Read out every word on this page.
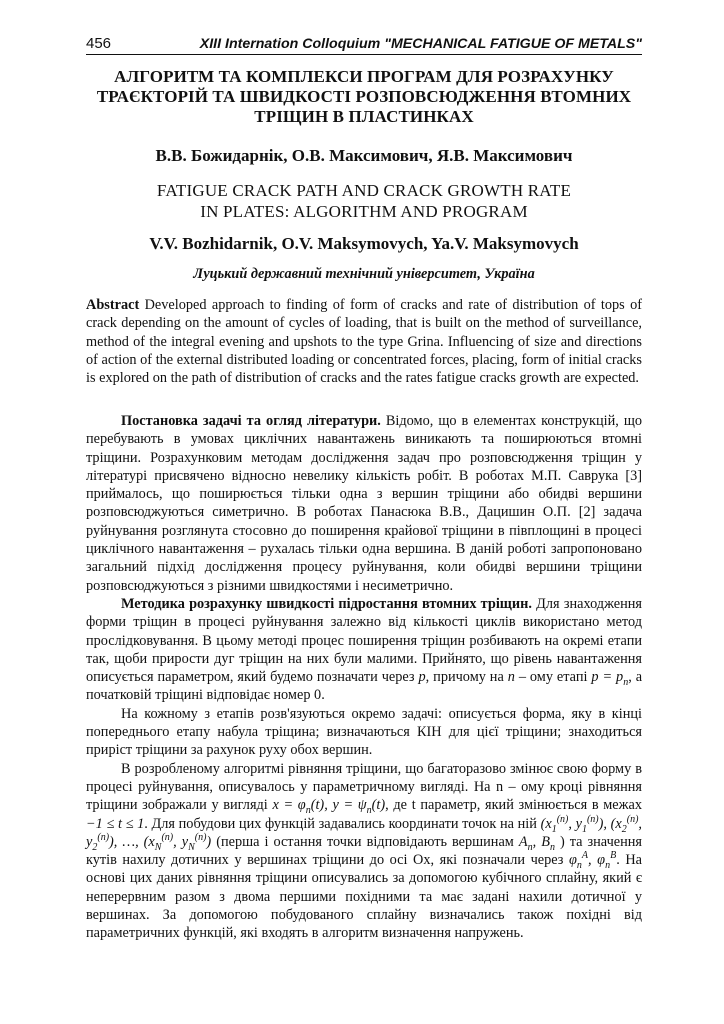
456	XIII Internation Colloquium "MECHANICAL FATIGUE OF METALS"
АЛГОРИТМ ТА КОМПЛЕКСИ ПРОГРАМ ДЛЯ РОЗРАХУНКУ
ТРАЄКТОРІЙ ТА ШВИДКОСТІ РОЗПОВСЮДЖЕННЯ ВТОМНИХ
ТРІЩИН В ПЛАСТИНКАХ
В.В. Божидарнік, О.В. Максимович, Я.В. Максимович
FATIGUE CRACK PATH AND CRACK GROWTH RATE
IN PLATES: ALGORITHM AND PROGRAM
V.V. Bozhidarnik, O.V. Maksymovych, Ya.V. Maksymovych
Луцький державний технічний університет, Україна
Abstract Developed approach to finding of form of cracks and rate of distribution of tops of crack depending on the amount of cycles of loading, that is built on the method of surveillance, method of the integral evening and upshots to the type Grina. Influencing of size and directions of action of the external distributed loading or concentrated forces, placing, form of initial cracks is explored on the path of distribution of cracks and the rates fatigue cracks growth are expected.

Постановка задачі та огляд літератури. Відомо, що в елементах конструкцій, що перебувають в умовах циклічних навантажень виникають та поширюються втомні тріщини. Розрахунковим методам дослідження задач про розповсюдження тріщин у літературі присвячено відносно невелику кількість робіт. В роботах М.П. Саврука [3] приймалось, що поширюється тільки одна з вершин тріщини або обидві вершини розповсюджуються симетрично. В роботах Панасюка В.В., Дацишин О.П. [2] задача руйнування розглянута стосовно до поширення крайової тріщини в півплощині в процесі циклічного навантаження – рухалась тільки одна вершина. В даній роботі запропоновано загальний підхід дослідження процесу руйнування, коли обидві вершини тріщини розповсюджуються з різними швидкостями і несиметрично.

Методика розрахунку швидкості підростання втомних тріщин. Для знаходження форми тріщин в процесі руйнування залежно від кількості циклів використано метод прослідковування. В цьому методі процес поширення тріщин розбивають на окремі етапи так, щоби прирости дуг тріщин на них були малими. Прийнято, що рівень навантаження описується параметром, який будемо позначати через p, причому на n – ому етапі $p = p_n$, а початковій тріщині відповідає номер 0.

На кожному з етапів розв'язуються окремо задачі: описується форма, яку в кінці попереднього етапу набула тріщина; визначаються КІН для цієї тріщини; знаходиться приріст тріщини за рахунок руху обох вершин.

В розробленому алгоритмі рівняння тріщини, що багаторазово змінює свою форму в процесі руйнування, описувалось у параметричному вигляді. На n – ому кроці рівняння тріщини зображали у вигляді $x = \varphi_n(t)$, $y = \psi_n(t)$, де t параметр, який змінюється в межах −1 ≤ t ≤ 1. Для побудови цих функцій задавались координати точок на ній ($x_1^{(n)}$, $y_1^{(n)}$), ($x_2^{(n)}$, $y_2^{(n)}$), …, ($x_N^{(n)}$, $y_N^{(n)}$) (перша і остання точки відповідають вершинам $A_n$, $B_n$ ) та значення кутів нахилу дотичних у вершинах тріщини до осі Ox, які позначали через $\varphi_n^A$, $\varphi_n^B$. На основі цих даних рівняння тріщини описувались за допомогою кубічного сплайну, який є неперервним разом з двома першими похідними та має задані нахили дотичної у вершинах. За допомогою побудованого сплайну визначались також похідні від параметричних функцій, які входять в алгоритм визначення напружень.
